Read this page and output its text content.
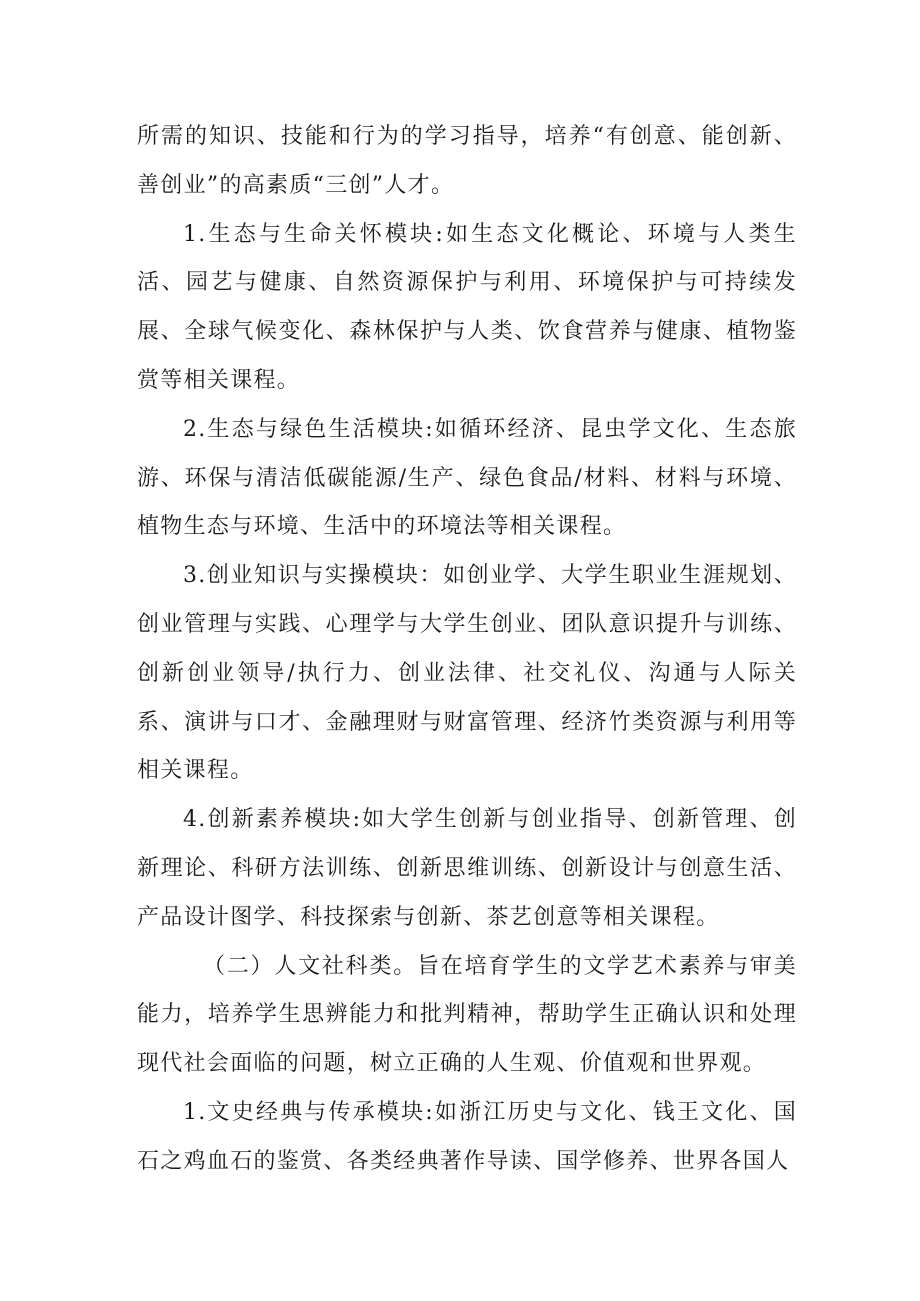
所需的知识、技能和行为的学习指导，培养“有创意、能创新、善创业”的高素质“三创”人才。

1.生态与生命关怀模块:如生态文化概论、环境与人类生活、园艺与健康、自然资源保护与利用、环境保护与可持续发展、全球气候变化、森林保护与人类、饮食营养与健康、植物鉴赏等相关课程。

2.生态与绿色生活模块:如循环经济、昆虫学文化、生态旅游、环保与清洁低碳能源/生产、绿色食品/材料、材料与环境、植物生态与环境、生活中的环境法等相关课程。

3.创业知识与实操模块：如创业学、大学生职业生涯规划、创业管理与实践、心理学与大学生创业、团队意识提升与训练、创新创业领导/执行力、创业法律、社交礼仪、沟通与人际关系、演讲与口才、金融理财与财富管理、经济竹类资源与利用等相关课程。

4.创新素养模块:如大学生创新与创业指导、创新管理、创新理论、科研方法训练、创新思维训练、创新设计与创意生活、产品设计图学、科技探索与创新、茶艺创意等相关课程。

（二）人文社科类。旨在培育学生的文学艺术素养与审美能力，培养学生思辨能力和批判精神，帮助学生正确认识和处理现代社会面临的问题，树立正确的人生观、价值观和世界观。

1.文史经典与传承模块:如浙江历史与文化、钱王文化、国石之鸡血石的鉴赏、各类经典著作导读、国学修养、世界各国人
